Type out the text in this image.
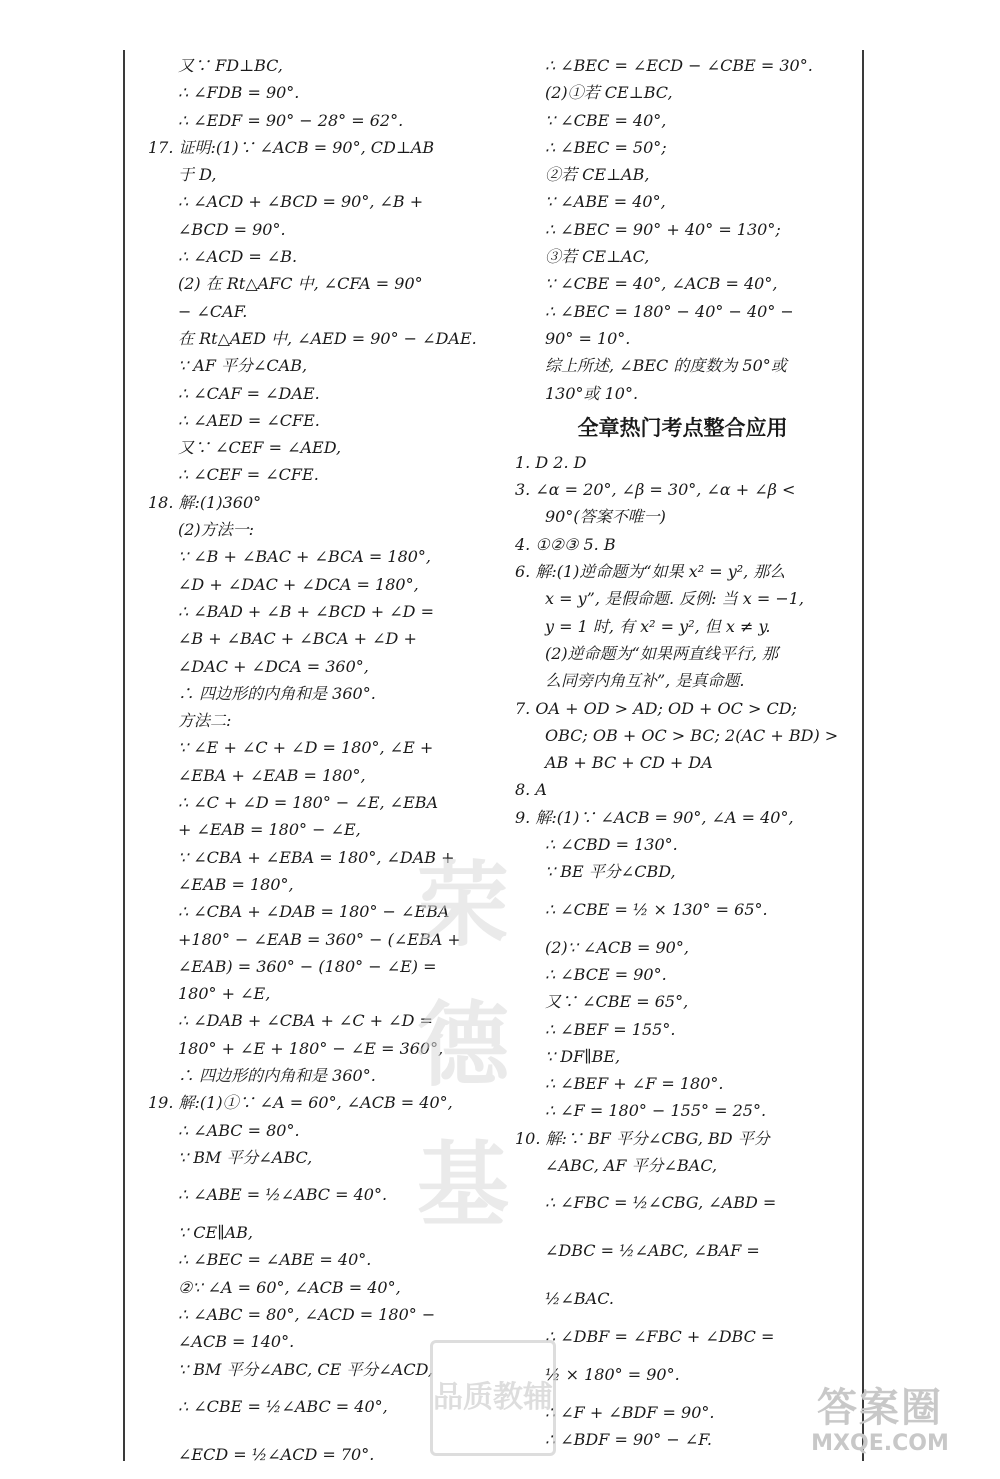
又∵ FD⊥BC,
∴ ∠FDB = 90°.
∴ ∠EDF = 90° − 28° = 62°.
17. 证明:(1)∵ ∠ACB = 90°, CD⊥AB
于 D,
∴ ∠ACD + ∠BCD = 90°, ∠B +
∠BCD = 90°.
∴ ∠ACD = ∠B.
(2) 在 Rt△AFC 中, ∠CFA = 90°
− ∠CAF.
在 Rt△AED 中, ∠AED = 90° − ∠DAE.
∵ AF 平分∠CAB,
∴ ∠CAF = ∠DAE.
∴ ∠AED = ∠CFE.
又∵ ∠CEF = ∠AED,
∴ ∠CEF = ∠CFE.
18. 解:(1)360°
(2)方法一:
∵ ∠B + ∠BAC + ∠BCA = 180°,
∠D + ∠DAC + ∠DCA = 180°,
∴ ∠BAD + ∠B + ∠BCD + ∠D =
∠B + ∠BAC + ∠BCA + ∠D +
∠DAC + ∠DCA = 360°,
∴ 四边形的内角和是 360°.
方法二:
∵ ∠E + ∠C + ∠D = 180°, ∠E +
∠EBA + ∠EAB = 180°,
∴ ∠C + ∠D = 180° − ∠E, ∠EBA
+ ∠EAB = 180° − ∠E,
∵ ∠CBA + ∠EBA = 180°, ∠DAB +
∠EAB = 180°,
∴ ∠CBA + ∠DAB = 180° − ∠EBA
+180° − ∠EAB = 360° − (∠EBA +
∠EAB) = 360° − (180° − ∠E) =
180° + ∠E,
∴ ∠DAB + ∠CBA + ∠C + ∠D =
180° + ∠E + 180° − ∠E = 360°,
∴ 四边形的内角和是 360°.
19. 解:(1)①∵ ∠A = 60°, ∠ACB = 40°,
∴ ∠ABC = 80°.
∵ BM 平分∠ABC,
∴ ∠ABE = ½∠ABC = 40°.
∵ CE∥AB,
∴ ∠BEC = ∠ABE = 40°.
②∵ ∠A = 60°, ∠ACB = 40°,
∴ ∠ABC = 80°, ∠ACD = 180° −
∠ACB = 140°.
∵ BM 平分∠ABC, CE 平分∠ACD,
∴ ∠CBE = ½∠ABC = 40°,
∠ECD = ½∠ACD = 70°.
∴ ∠BEC = ∠ECD − ∠CBE = 30°.
(2)①若 CE⊥BC,
∵ ∠CBE = 40°,
∴ ∠BEC = 50°;
②若 CE⊥AB,
∵ ∠ABE = 40°,
∴ ∠BEC = 90° + 40° = 130°;
③若 CE⊥AC,
∵ ∠CBE = 40°, ∠ACB = 40°,
∴ ∠BEC = 180° − 40° − 40° −
90° = 10°.
综上所述, ∠BEC 的度数为 50°或
130°或 10°.
全章热门考点整合应用
1. D 2. D
3. ∠α = 20°, ∠β = 30°, ∠α + ∠β <
90°(答案不唯一)
4. ①②③ 5. B
6. 解:(1)逆命题为“如果 x² = y², 那么
x = y”, 是假命题. 反例: 当 x = −1,
y = 1 时, 有 x² = y², 但 x ≠ y.
(2)逆命题为“如果两直线平行, 那
么同旁内角互补”, 是真命题.
7. OA + OD > AD; OD + OC > CD;
OBC; OB + OC > BC; 2(AC + BD) >
AB + BC + CD + DA
8. A
9. 解:(1)∵ ∠ACB = 90°, ∠A = 40°,
∴ ∠CBD = 130°.
∵ BE 平分∠CBD,
∴ ∠CBE = ½ × 130° = 65°.
(2)∵ ∠ACB = 90°,
∴ ∠BCE = 90°.
又∵ ∠CBE = 65°,
∴ ∠BEF = 155°.
∵ DF∥BE,
∴ ∠BEF + ∠F = 180°.
∴ ∠F = 180° − 155° = 25°.
10. 解:∵ BF 平分∠CBG, BD 平分
∠ABC, AF 平分∠BAC,
∴ ∠FBC = ½∠CBG, ∠ABD =
∠DBC = ½∠ABC, ∠BAF =
½∠BAC.
∴ ∠DBF = ∠FBC + ∠DBC =
½ × 180° = 90°.
∴ ∠F + ∠BDF = 90°.
∴ ∠BDF = 90° − ∠F.
荣
德
基
品 质 教 辅	答案圈
MXQE.COM
